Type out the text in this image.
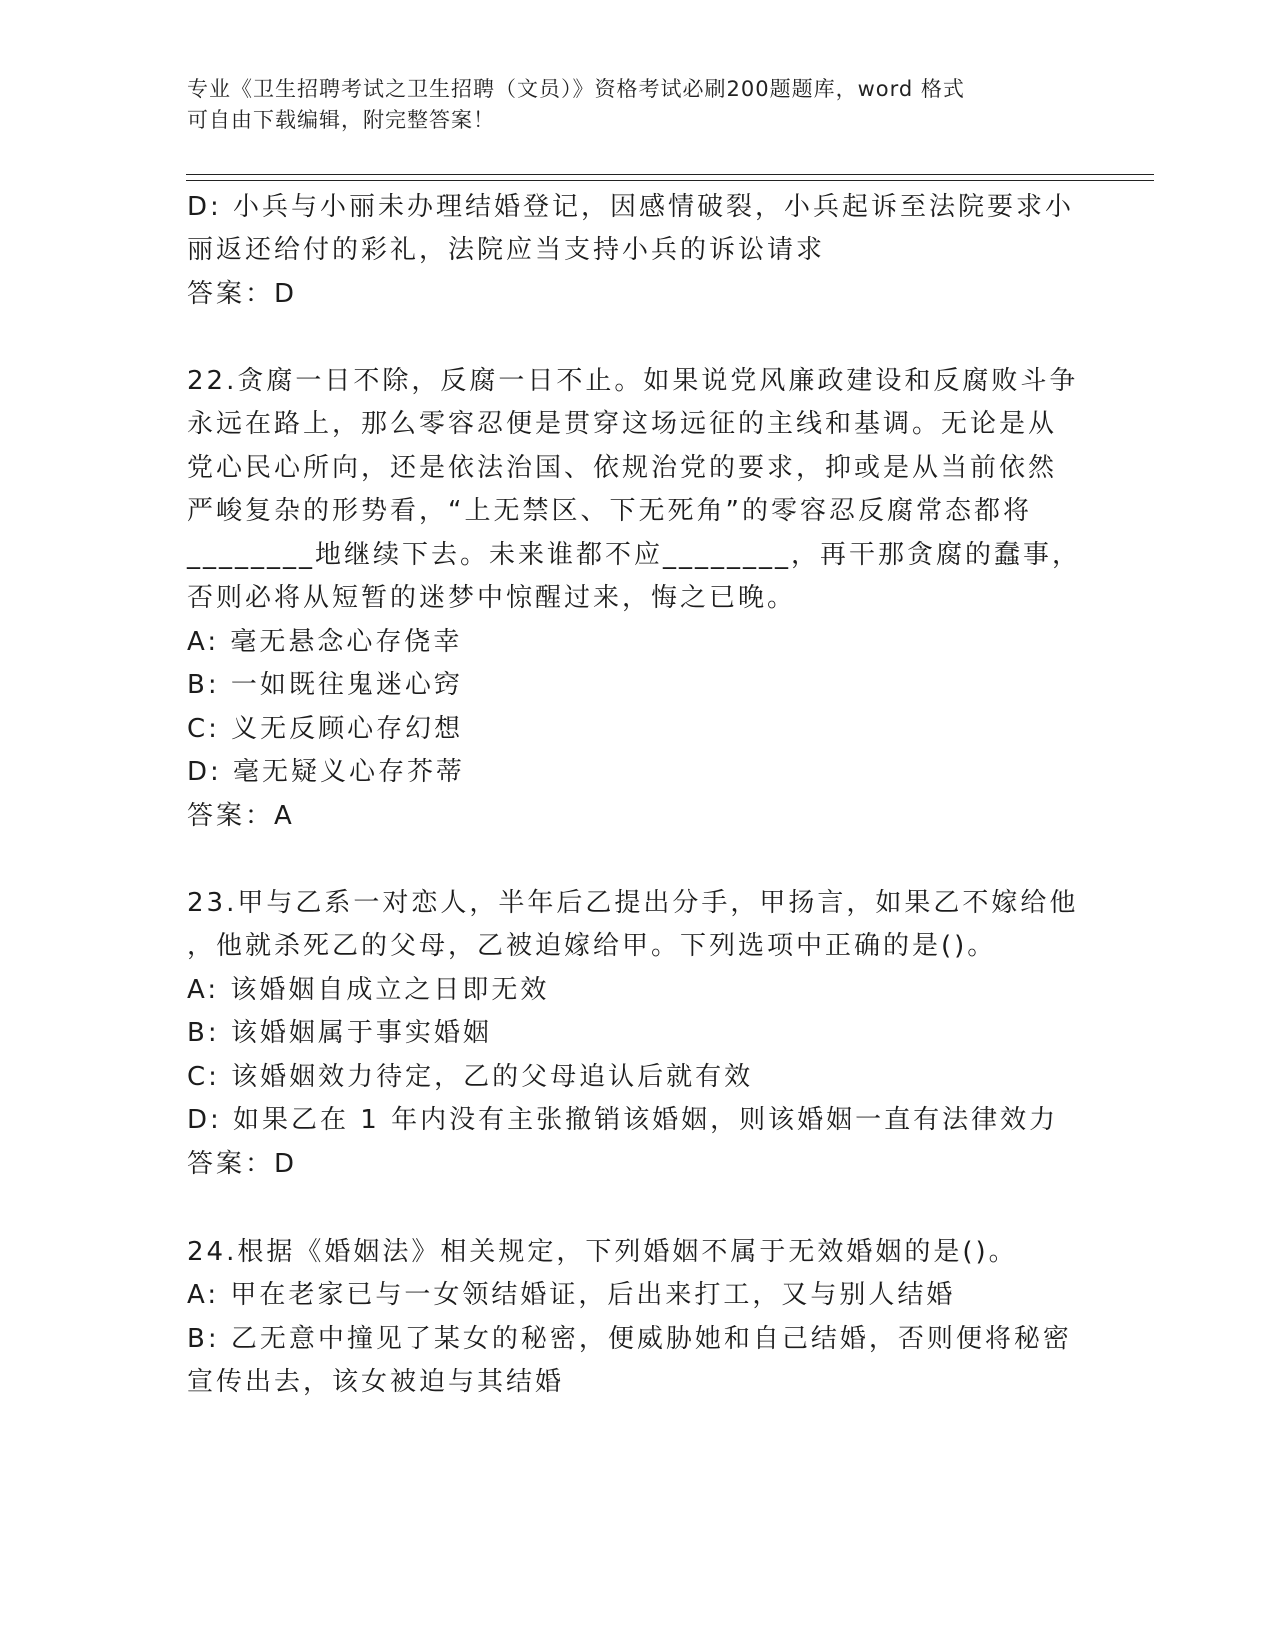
专业《卫生招聘考试之卫生招聘（文员）》资格考试必刷200题题库，word 格式
可自由下载编辑，附完整答案！
D: 小兵与小丽未办理结婚登记，因感情破裂，小兵起诉至法院要求小
丽返还给付的彩礼，法院应当支持小兵的诉讼请求
答案：D
22.贪腐一日不除，反腐一日不止。如果说党风廉政建设和反腐败斗争
永远在路上，那么零容忍便是贯穿这场远征的主线和基调。无论是从
党心民心所向，还是依法治国、依规治党的要求，抑或是从当前依然
严峻复杂的形势看，“上无禁区、下无死角”的零容忍反腐常态都将
________地继续下去。未来谁都不应________，再干那贪腐的蠢事，
否则必将从短暂的迷梦中惊醒过来，悔之已晚。
A: 毫无悬念心存侥幸
B: 一如既往鬼迷心窍
C: 义无反顾心存幻想
D: 毫无疑义心存芥蒂
答案：A
23.甲与乙系一对恋人，半年后乙提出分手，甲扬言，如果乙不嫁给他
，他就杀死乙的父母，乙被迫嫁给甲。下列选项中正确的是()。
A: 该婚姻自成立之日即无效
B: 该婚姻属于事实婚姻
C: 该婚姻效力待定，乙的父母追认后就有效
D: 如果乙在 1 年内没有主张撤销该婚姻，则该婚姻一直有法律效力
答案：D
24.根据《婚姻法》相关规定，下列婚姻不属于无效婚姻的是()。
A: 甲在老家已与一女领结婚证，后出来打工，又与别人结婚
B: 乙无意中撞见了某女的秘密，便威胁她和自己结婚，否则便将秘密
宣传出去，该女被迫与其结婚
